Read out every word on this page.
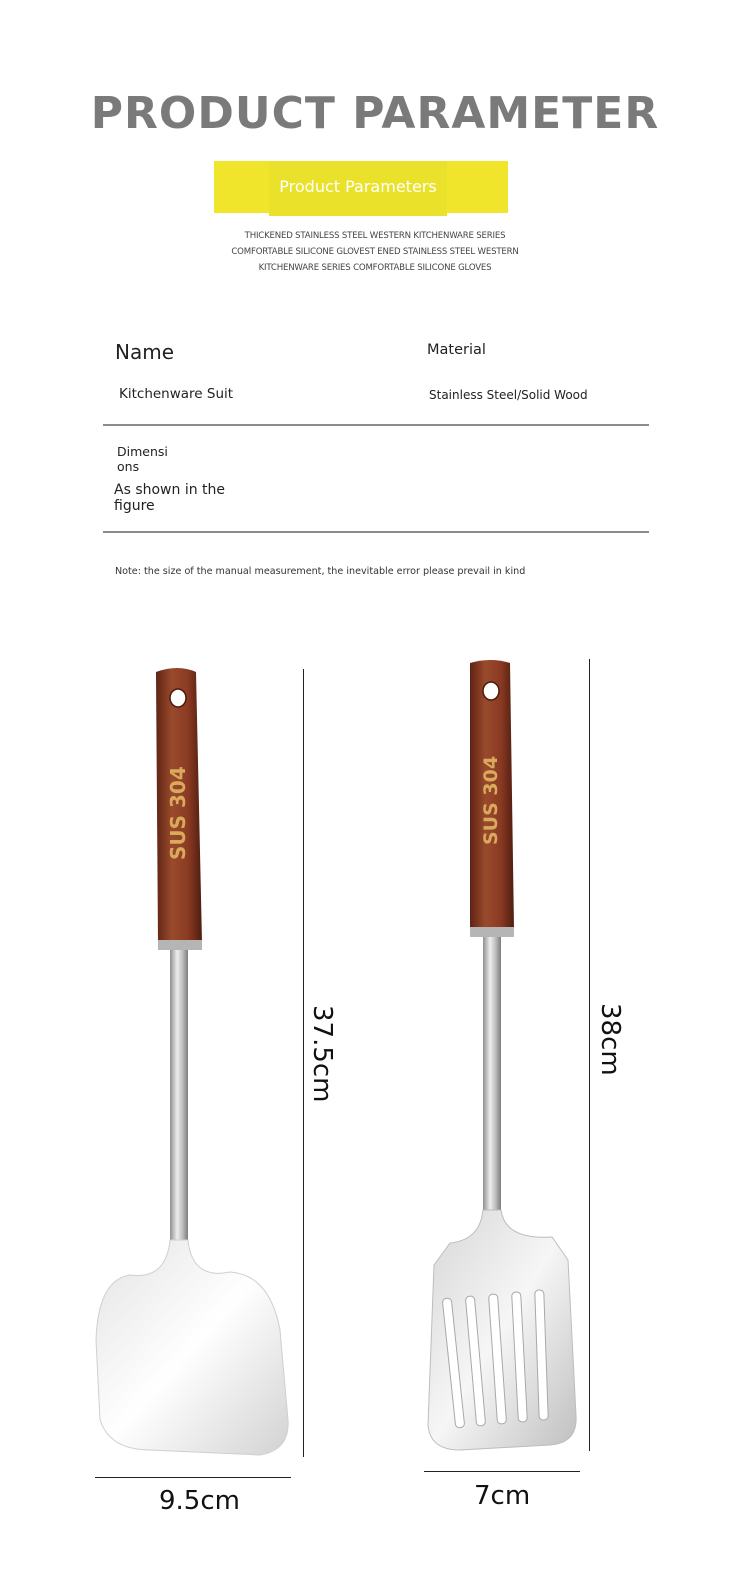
PRODUCT PARAMETER
Product Parameters
THICKENED STAINLESS STEEL WESTERN KITCHENWARE SERIES
COMFORTABLE SILICONE GLOVEST ENED STAINLESS STEEL WESTERN
KITCHENWARE SERIES COMFORTABLE SILICONE GLOVES
Name
Kitchenware Suit
Material
Stainless Steel/Solid Wood
Dimensi
ons
As shown in the
figure
Note: the size of the manual measurement, the inevitable error please prevail in kind
SUS 304	SUS 304
37.5cm
9.5cm
38cm
7cm
